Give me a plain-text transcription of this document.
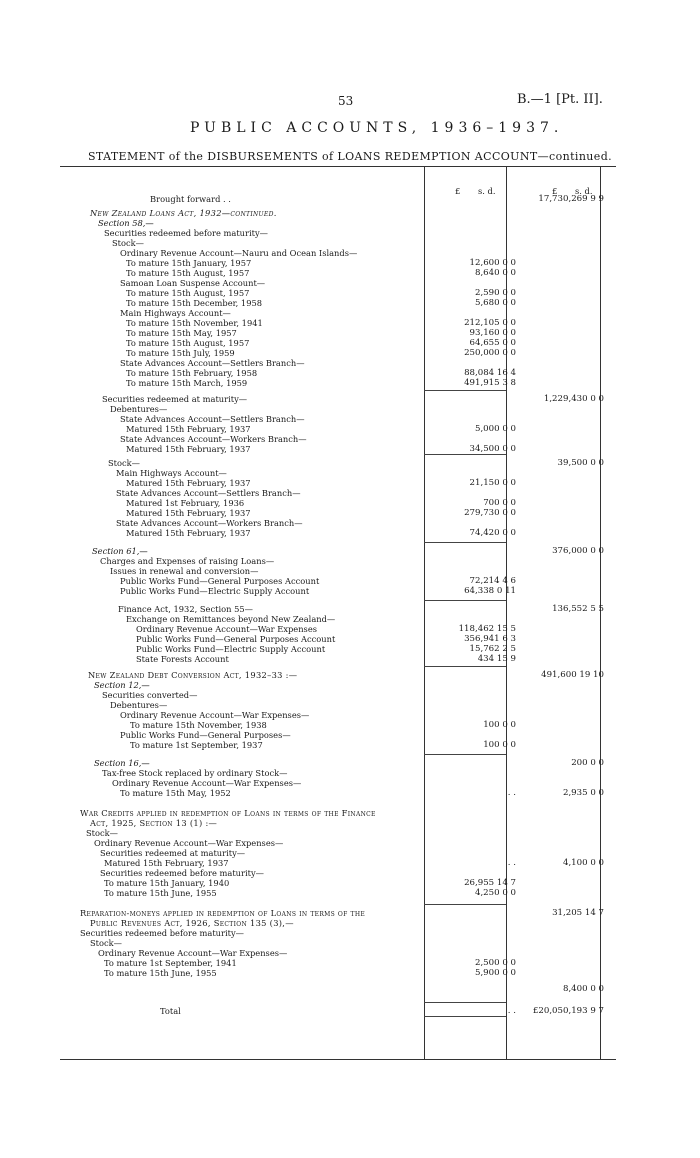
53	B.—1 [Pt. II].
PUBLIC ACCOUNTS, 1936–1937.
STATEMENT of the DISBURSEMENTS of LOANS REDEMPTION ACCOUNT—continued.
£ s. d.	£ s. d.
Brought forward . .	17,730,269 9 9
New Zealand Loans Act, 1932—continued.
Section 58,—
Securities redeemed before maturity—
Stock—
Ordinary Revenue Account—Nauru and Ocean Islands—
To mature 15th January, 1957	12,600 0 0
To mature 15th August, 1957	8,640 0 0
Samoan Loan Suspense Account—
To mature 15th August, 1957	2,590 0 0
To mature 15th December, 1958	5,680 0 0
Main Highways Account—
To mature 15th November, 1941	212,105 0 0
To mature 15th May, 1957	93,160 0 0
To mature 15th August, 1957	64,655 0 0
To mature 15th July, 1959	250,000 0 0
State Advances Account—Settlers Branch—
To mature 15th February, 1958	88,084 16 4
To mature 15th March, 1959	491,915 3 8
Securities redeemed at maturity—	1,229,430 0 0
Debentures—
State Advances Account—Settlers Branch—
Matured 15th February, 1937	5,000 0 0
State Advances Account—Workers Branch—
Matured 15th February, 1937	34,500 0 0
Stock—	39,500 0 0
Main Highways Account—
Matured 15th February, 1937	21,150 0 0
State Advances Account—Settlers Branch—
Matured 1st February, 1936	700 0 0
Matured 15th February, 1937	279,730 0 0
State Advances Account—Workers Branch—
Matured 15th February, 1937	74,420 0 0
Section 61,—	376,000 0 0
Charges and Expenses of raising Loans—
Issues in renewal and conversion—
Public Works Fund—General Purposes Account	72,214 4 6
Public Works Fund—Electric Supply Account	64,338 0 11
Finance Act, 1932, Section 55—	136,552 5 5
Exchange on Remittances beyond New Zealand—
Ordinary Revenue Account—War Expenses	118,462 15 5
Public Works Fund—General Purposes Account	356,941 6 3
Public Works Fund—Electric Supply Account	15,762 2 5
State Forests Account	434 15 9
New Zealand Debt Conversion Act, 1932–33 :—	491,600 19 10
Section 12,—
Securities converted—
Debentures—
Ordinary Revenue Account—War Expenses—
To mature 15th November, 1938	100 0 0
Public Works Fund—General Purposes—
To mature 1st September, 1937	100 0 0
Section 16,—	200 0 0
Tax-free Stock replaced by ordinary Stock—
Ordinary Revenue Account—War Expenses—
To mature 15th May, 1952	. .	2,935 0 0
War Credits applied in redemption of Loans in terms of the Finance
Act, 1925, Section 13 (1) :—
Stock—
Ordinary Revenue Account—War Expenses—
Securities redeemed at maturity—
Matured 15th February, 1937	. .	4,100 0 0
Securities redeemed before maturity—
To mature 15th January, 1940	26,955 14 7
To mature 15th June, 1955	4,250 0 0
Reparation-moneys applied in redemption of Loans in terms of the	31,205 14 7
Public Revenues Act, 1926, Section 135 (3),—
Securities redeemed before maturity—
Stock—
Ordinary Revenue Account—War Expenses—
To mature 1st September, 1941	2,500 0 0
To mature 15th June, 1955	5,900 0 0
8,400 0 0
Total	. .	£20,050,193 9 7
